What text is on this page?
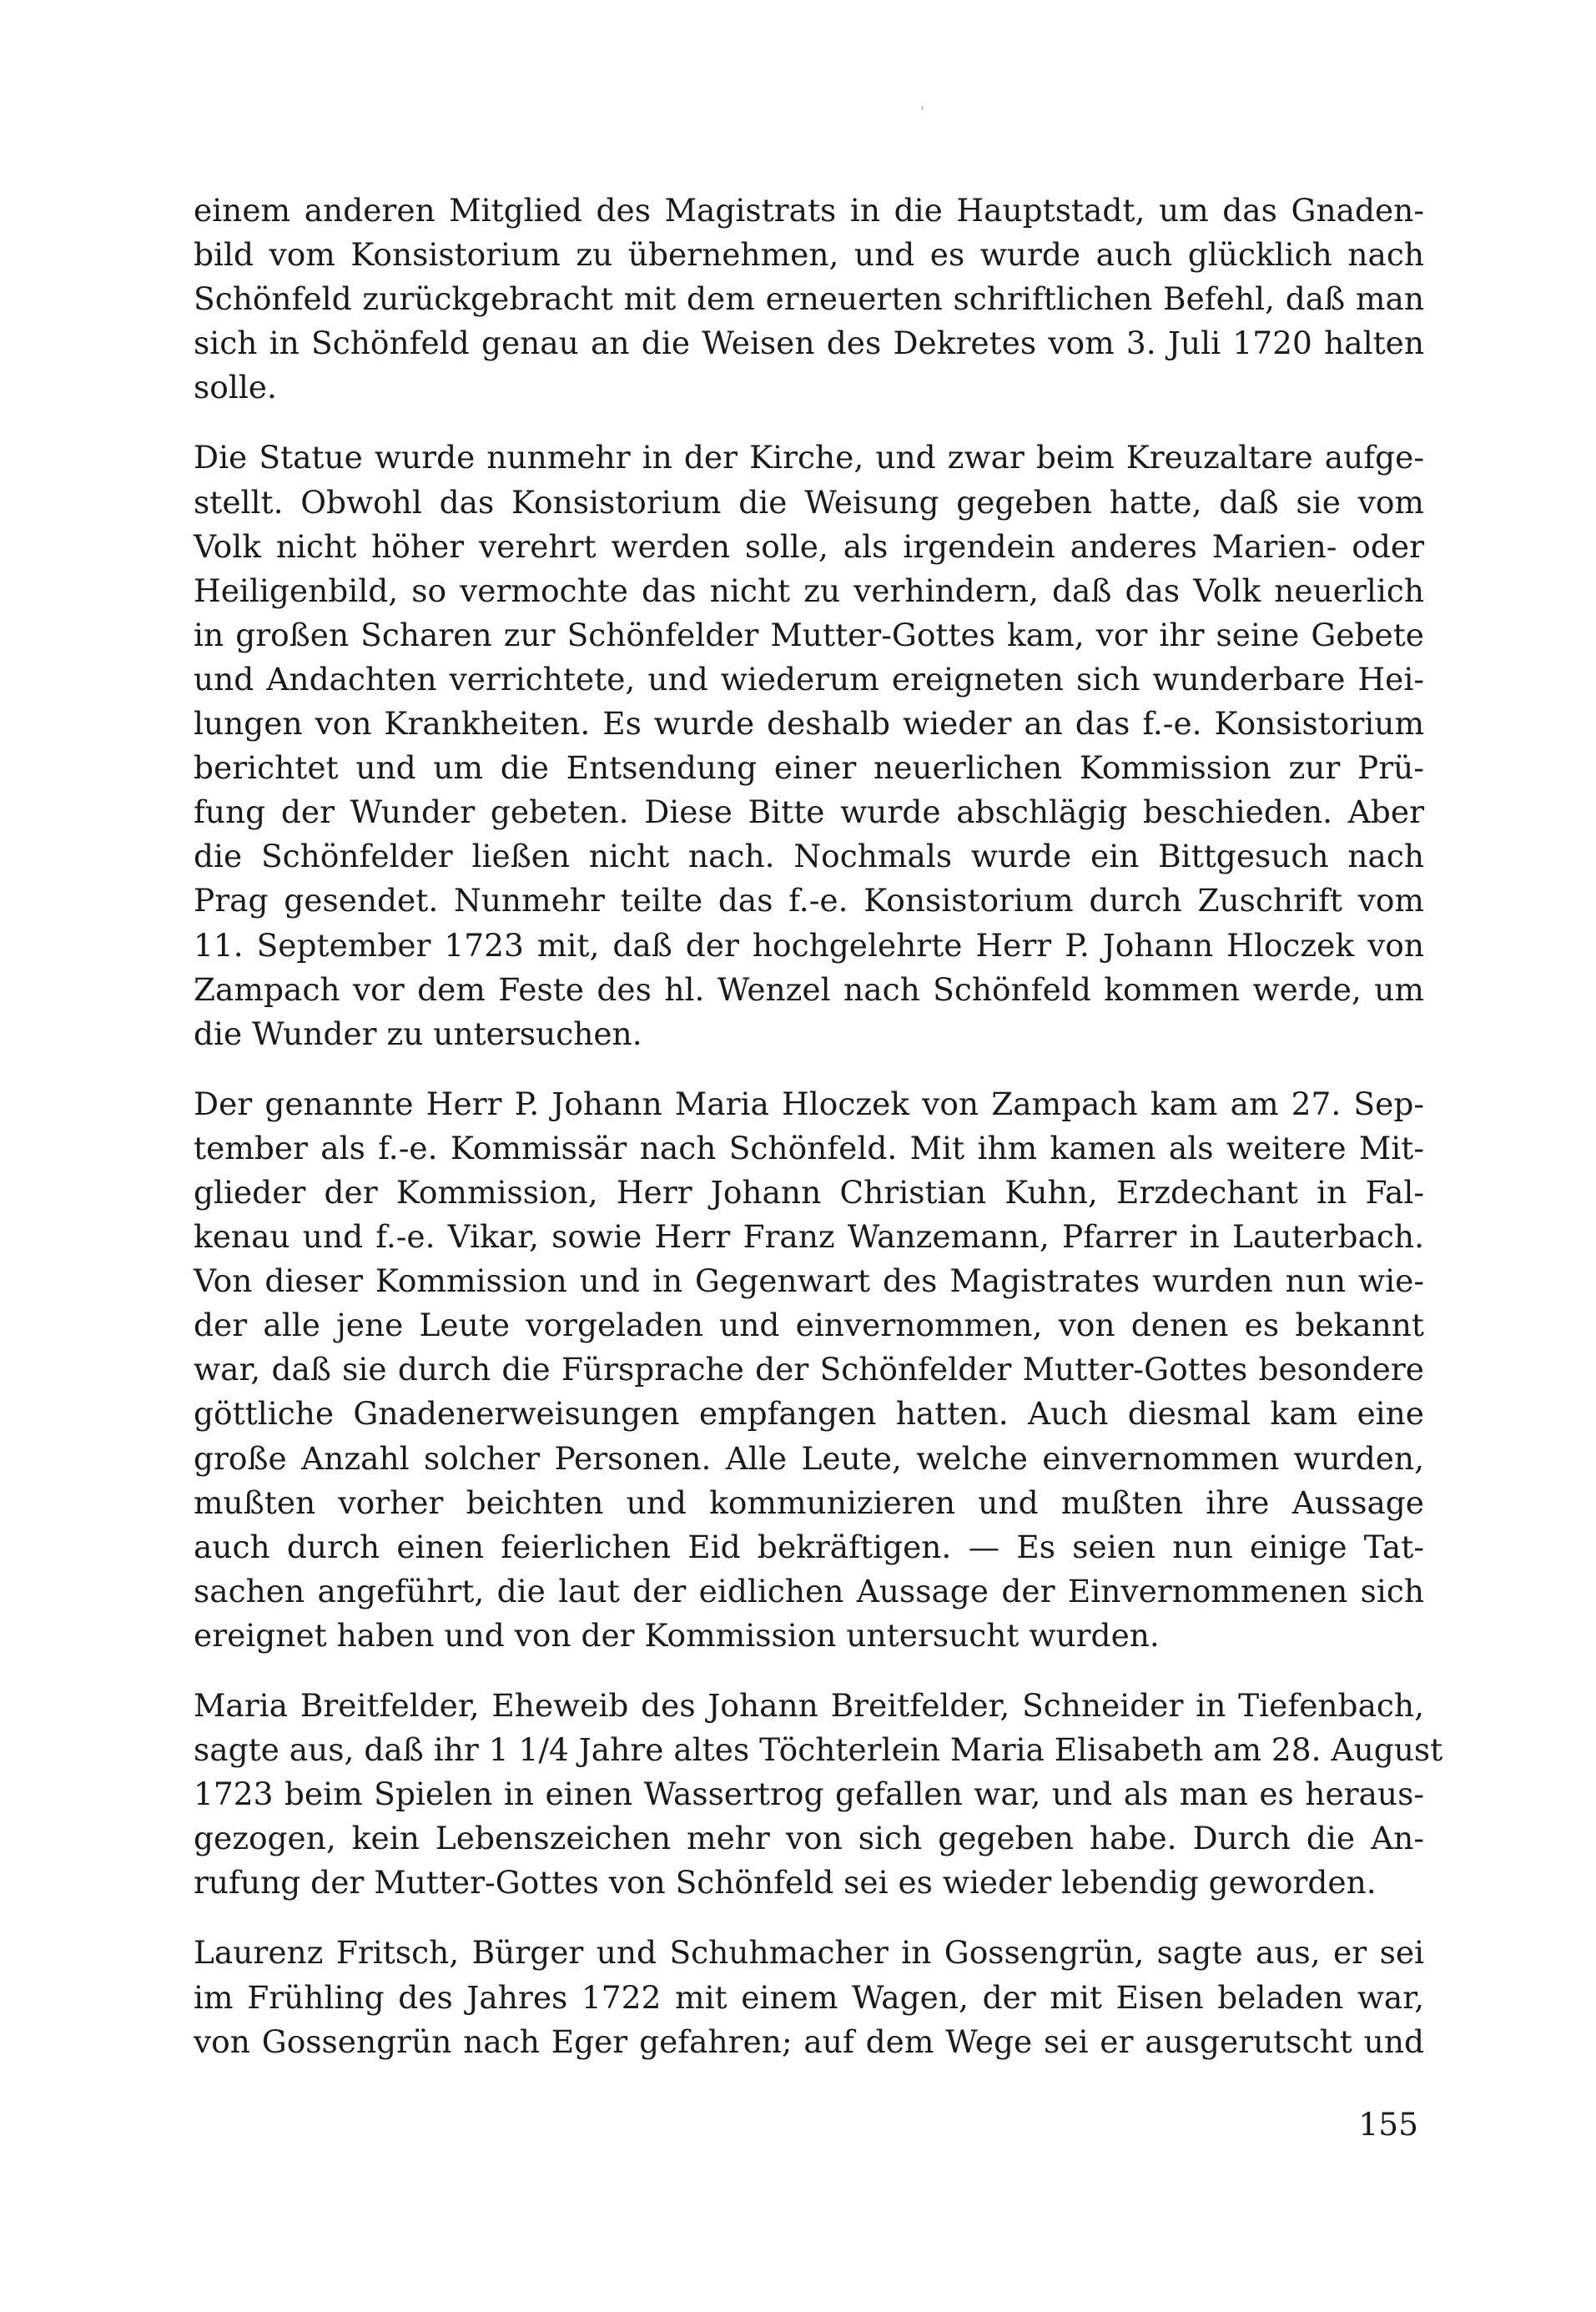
einem anderen Mitglied des Magistrats in die Hauptstadt, um das Gnaden-
bild vom Konsistorium zu übernehmen, und es wurde auch glücklich nach
Schönfeld zurückgebracht mit dem erneuerten schriftlichen Befehl, daß man
sich in Schönfeld genau an die Weisen des Dekretes vom 3. Juli 1720 halten
solle.

Die Statue wurde nunmehr in der Kirche, und zwar beim Kreuzaltare aufge-
stellt. Obwohl das Konsistorium die Weisung gegeben hatte, daß sie vom
Volk nicht höher verehrt werden solle, als irgendein anderes Marien- oder
Heiligenbild, so vermochte das nicht zu verhindern, daß das Volk neuerlich
in großen Scharen zur Schönfelder Mutter-Gottes kam, vor ihr seine Gebete
und Andachten verrichtete, und wiederum ereigneten sich wunderbare Hei-
lungen von Krankheiten. Es wurde deshalb wieder an das f.-e. Konsistorium
berichtet und um die Entsendung einer neuerlichen Kommission zur Prü-
fung der Wunder gebeten. Diese Bitte wurde abschlägig beschieden. Aber
die Schönfelder ließen nicht nach. Nochmals wurde ein Bittgesuch nach
Prag gesendet. Nunmehr teilte das f.-e. Konsistorium durch Zuschrift vom
11. September 1723 mit, daß der hochgelehrte Herr P. Johann Hloczek von
Zampach vor dem Feste des hl. Wenzel nach Schönfeld kommen werde, um
die Wunder zu untersuchen.

Der genannte Herr P. Johann Maria Hloczek von Zampach kam am 27. Sep-
tember als f.-e. Kommissär nach Schönfeld. Mit ihm kamen als weitere Mit-
glieder der Kommission, Herr Johann Christian Kuhn, Erzdechant in Fal-
kenau und f.-e. Vikar, sowie Herr Franz Wanzemann, Pfarrer in Lauterbach.
Von dieser Kommission und in Gegenwart des Magistrates wurden nun wie-
der alle jene Leute vorgeladen und einvernommen, von denen es bekannt
war, daß sie durch die Fürsprache der Schönfelder Mutter-Gottes besondere
göttliche Gnadenerweisungen empfangen hatten. Auch diesmal kam eine
große Anzahl solcher Personen. Alle Leute, welche einvernommen wurden,
mußten vorher beichten und kommunizieren und mußten ihre Aussage
auch durch einen feierlichen Eid bekräftigen. — Es seien nun einige Tat-
sachen angeführt, die laut der eidlichen Aussage der Einvernommenen sich
ereignet haben und von der Kommission untersucht wurden.

Maria Breitfelder, Eheweib des Johann Breitfelder, Schneider in Tiefenbach,
sagte aus, daß ihr 1 1/4 Jahre altes Töchterlein Maria Elisabeth am 28. August
1723 beim Spielen in einen Wassertrog gefallen war, und als man es heraus-
gezogen, kein Lebenszeichen mehr von sich gegeben habe. Durch die An-
rufung der Mutter-Gottes von Schönfeld sei es wieder lebendig geworden.

Laurenz Fritsch, Bürger und Schuhmacher in Gossengrün, sagte aus, er sei
im Frühling des Jahres 1722 mit einem Wagen, der mit Eisen beladen war,
von Gossengrün nach Eger gefahren; auf dem Wege sei er ausgerutscht und

155
